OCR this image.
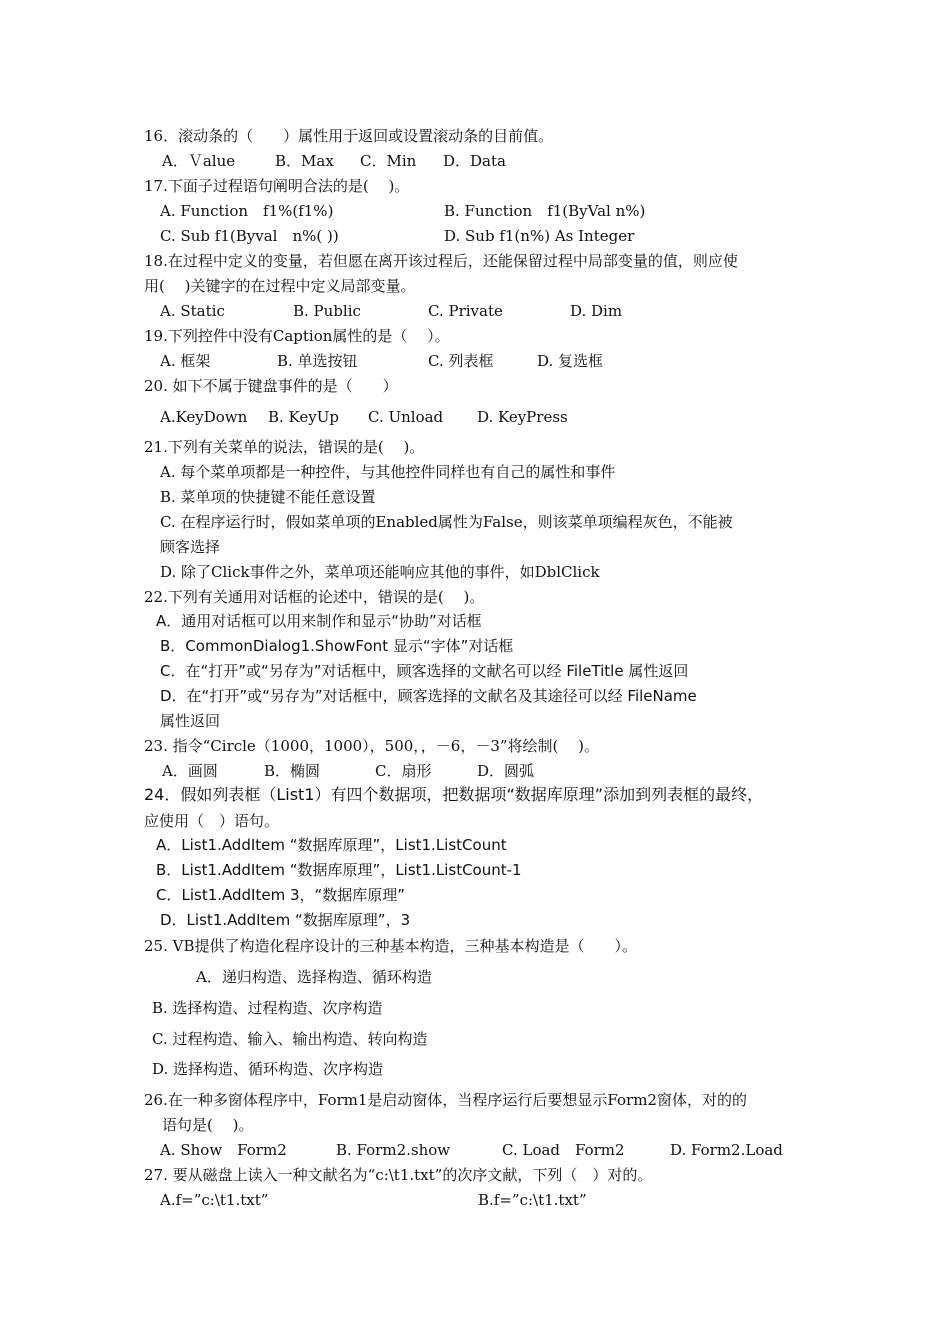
16．滚动条的（　　）属性用于返回或设置滚动条的目前值。
A．Ｖalue	B．Max C．Min D．Data
17.下面子过程语句阐明合法的是(　 )。
A. Function　f1%(f1%)	B. Function　f1(ByVal n%)
C. Sub f1(Byval　n%( ))	D. Sub f1(n%) As Integer
18.在过程中定义的变量，若但愿在离开该过程后，还能保留过程中局部变量的值，则应使
用(　 )关键字的在过程中定义局部变量。
A. Static	B. Public	C. Private	D. Dim
19.下列控件中没有Caption属性的是（　 ）。
A. 框架	B. 单选按钮	C. 列表框	D. 复选框
20. 如下不属于键盘事件的是（　　）
A.KeyDown B. KeyUp C. Unload D. KeyPress
21.下列有关菜单的说法，错误的是(　 )。
A. 每个菜单项都是一种控件，与其他控件同样也有自己的属性和事件
B. 菜单项的快捷键不能任意设置
C. 在程序运行时，假如菜单项的Enabled属性为False，则该菜单项编程灰色，不能被
顾客选择
D. 除了Click事件之外，菜单项还能响应其他的事件，如DblClick
22.下列有关通用对话框的论述中，错误的是(　 )。
A．通用对话框可以用来制作和显示“协助”对话框
B．CommonDialog1.ShowFont 显示“字体”对话框
C．在“打开”或“另存为”对话框中，顾客选择的文献名可以经 FileTitle 属性返回
D．在“打开”或“另存为”对话框中，顾客选择的文献名及其途径可以经 FileName
属性返回
23. 指令“Circle（1000，1000），500，，－6，－3”将绘制(　 )。
A．画圆	B．椭圆	C．扇形	D．圆弧
24．假如列表框（List1）有四个数据项，把数据项“数据库原理”添加到列表框的最终，
应使用（　）语句。
A．List1.AddItem “数据库原理”，List1.ListCount
B．List1.AddItem “数据库原理”，List1.ListCount-1
C．List1.AddItem 3，“数据库原理”
D．List1.AddItem “数据库原理”，3
25. VB提供了构造化程序设计的三种基本构造，三种基本构造是（　　）。
A．递归构造、选择构造、循环构造
B. 选择构造、过程构造、次序构造
C. 过程构造、输入、输出构造、转向构造
D. 选择构造、循环构造、次序构造
26.在一种多窗体程序中，Form1是启动窗体，当程序运行后要想显示Form2窗体，对的的
语句是(　 )。
A. Show　Form2	B. Form2.show	C. Load　Form2	D. Form2.Load
27. 要从磁盘上读入一种文献名为“c:\t1.txt”的次序文献，下列（　）对的。
A.f=”c:\t1.txt”	B.f=”c:\t1.txt”
